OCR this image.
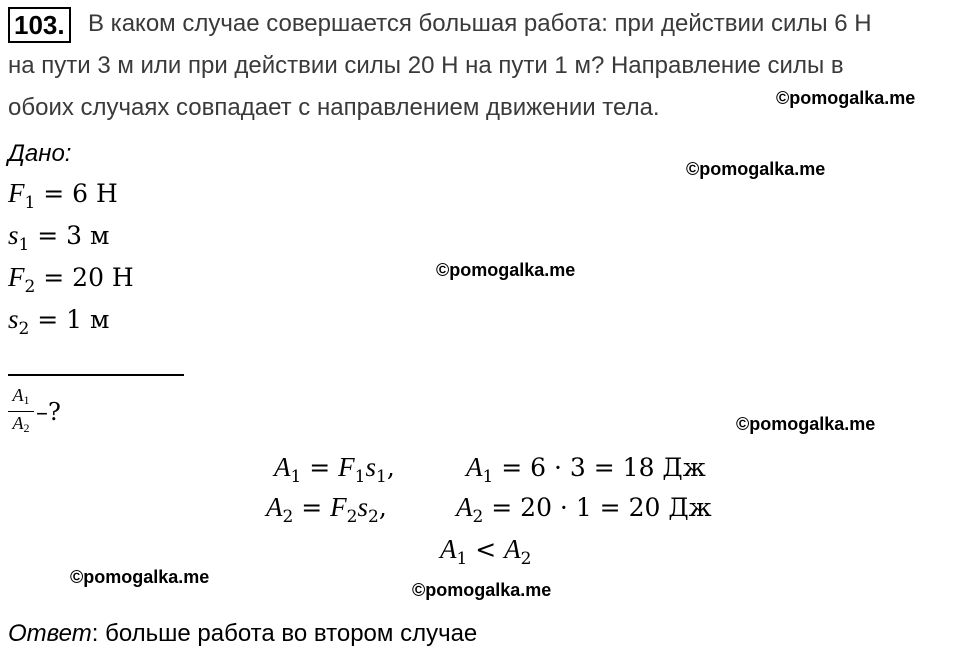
103. В каком случае совершается большая работа: при действии силы 6 Н
на пути 3 м или при действии силы 20 Н на пути 1 м? Направление силы в
обоих случаях совпадает с направлением движении тела.	©pomogalka.me
©pomogalka.me
©pomogalka.me
©pomogalka.me
©pomogalka.me
©pomogalka.me
Дано:
$F_1 = 6$ Н
$s_1 = 3$ м
$F_2 = 20$ Н
$s_2 = 1$ м
$A_1$
$A_2$
–?
$A_1 = F_1s_1$,	$A_1 = 6 \cdot 3 = 18$ Дж
$A_2 = F_2s_2$,	$A_2 = 20 \cdot 1 = 20$ Дж
$A_1 < A_2$
Ответ: больше работа во втором случае
